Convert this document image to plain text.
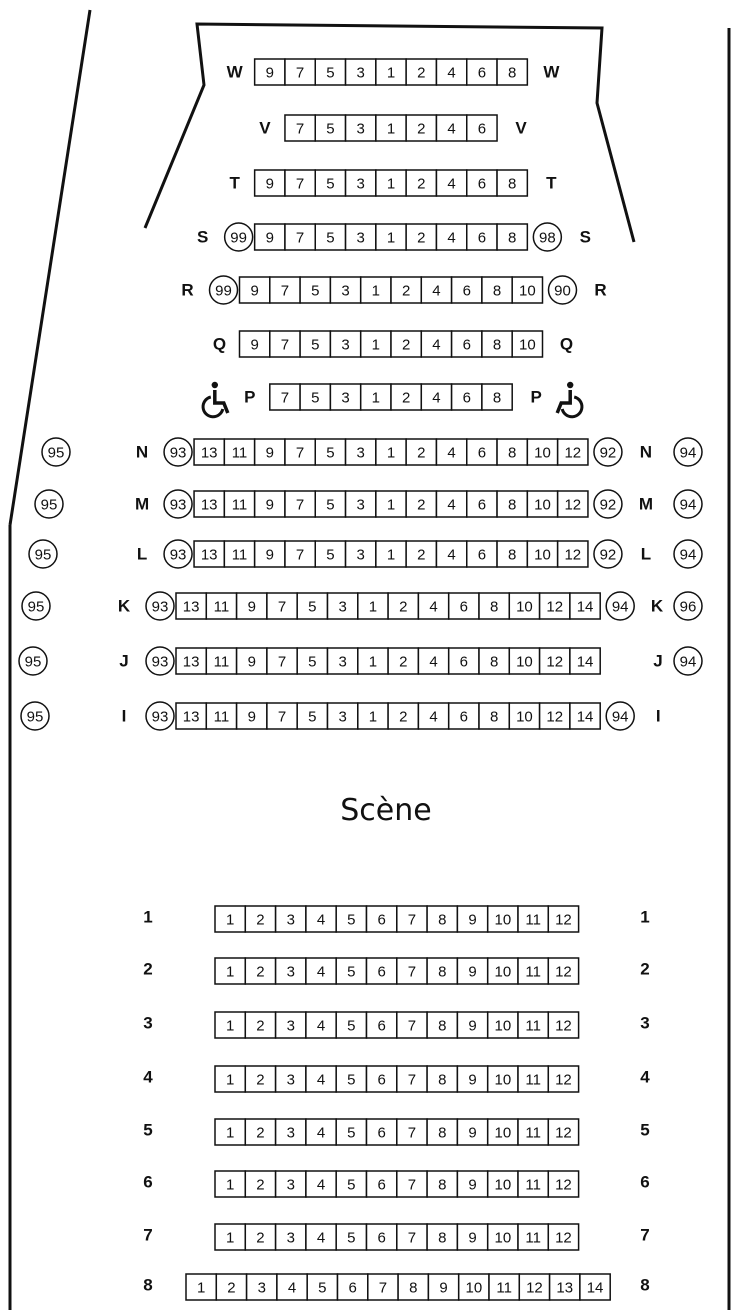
9 7 5 3 1 2 4 6 8
W	W
7 5 3 1 2 4 6
V	V
9 7 5 3 1 2 4 6 8
T	T
9 7 5 3 1 2 4 6 8
99	98
S	S
9 7 5 3 1 2 4 6 8 10
99	90
R	R
9 7 5 3 1 2 4 6 8 10
Q	Q
7 5 3 1 2 4 6 8
P	P
13 11 9 7 5 3 1 2 4 6 8 10 12
93	92
N	N
95	94
13 11 9 7 5 3 1 2 4 6 8 10 12
93	92
M	M
95	94
13 11 9 7 5 3 1 2 4 6 8 10 12
93	92
L	L
95	94
13 11 9 7 5 3 1 2 4 6 8 10 12 14
93	94
K	K
95	96
13 11 9 7 5 3 1 2 4 6 8 10 12 14
93
J	J
95	94
13 11 9 7 5 3 1 2 4 6 8 10 12 14
93	94
I	I
95
Scène
1 2 3 4 5 6 7 8 9 10 11 12
1	1
1 2 3 4 5 6 7 8 9 10 11 12
2	2
1 2 3 4 5 6 7 8 9 10 11 12
3	3
1 2 3 4 5 6 7 8 9 10 11 12
4	4
1 2 3 4 5 6 7 8 9 10 11 12
5	5
1 2 3 4 5 6 7 8 9 10 11 12
6	6
1 2 3 4 5 6 7 8 9 10 11 12
7	7
1 2 3 4 5 6 7 8 9 10 11 12 13 14
8	8
